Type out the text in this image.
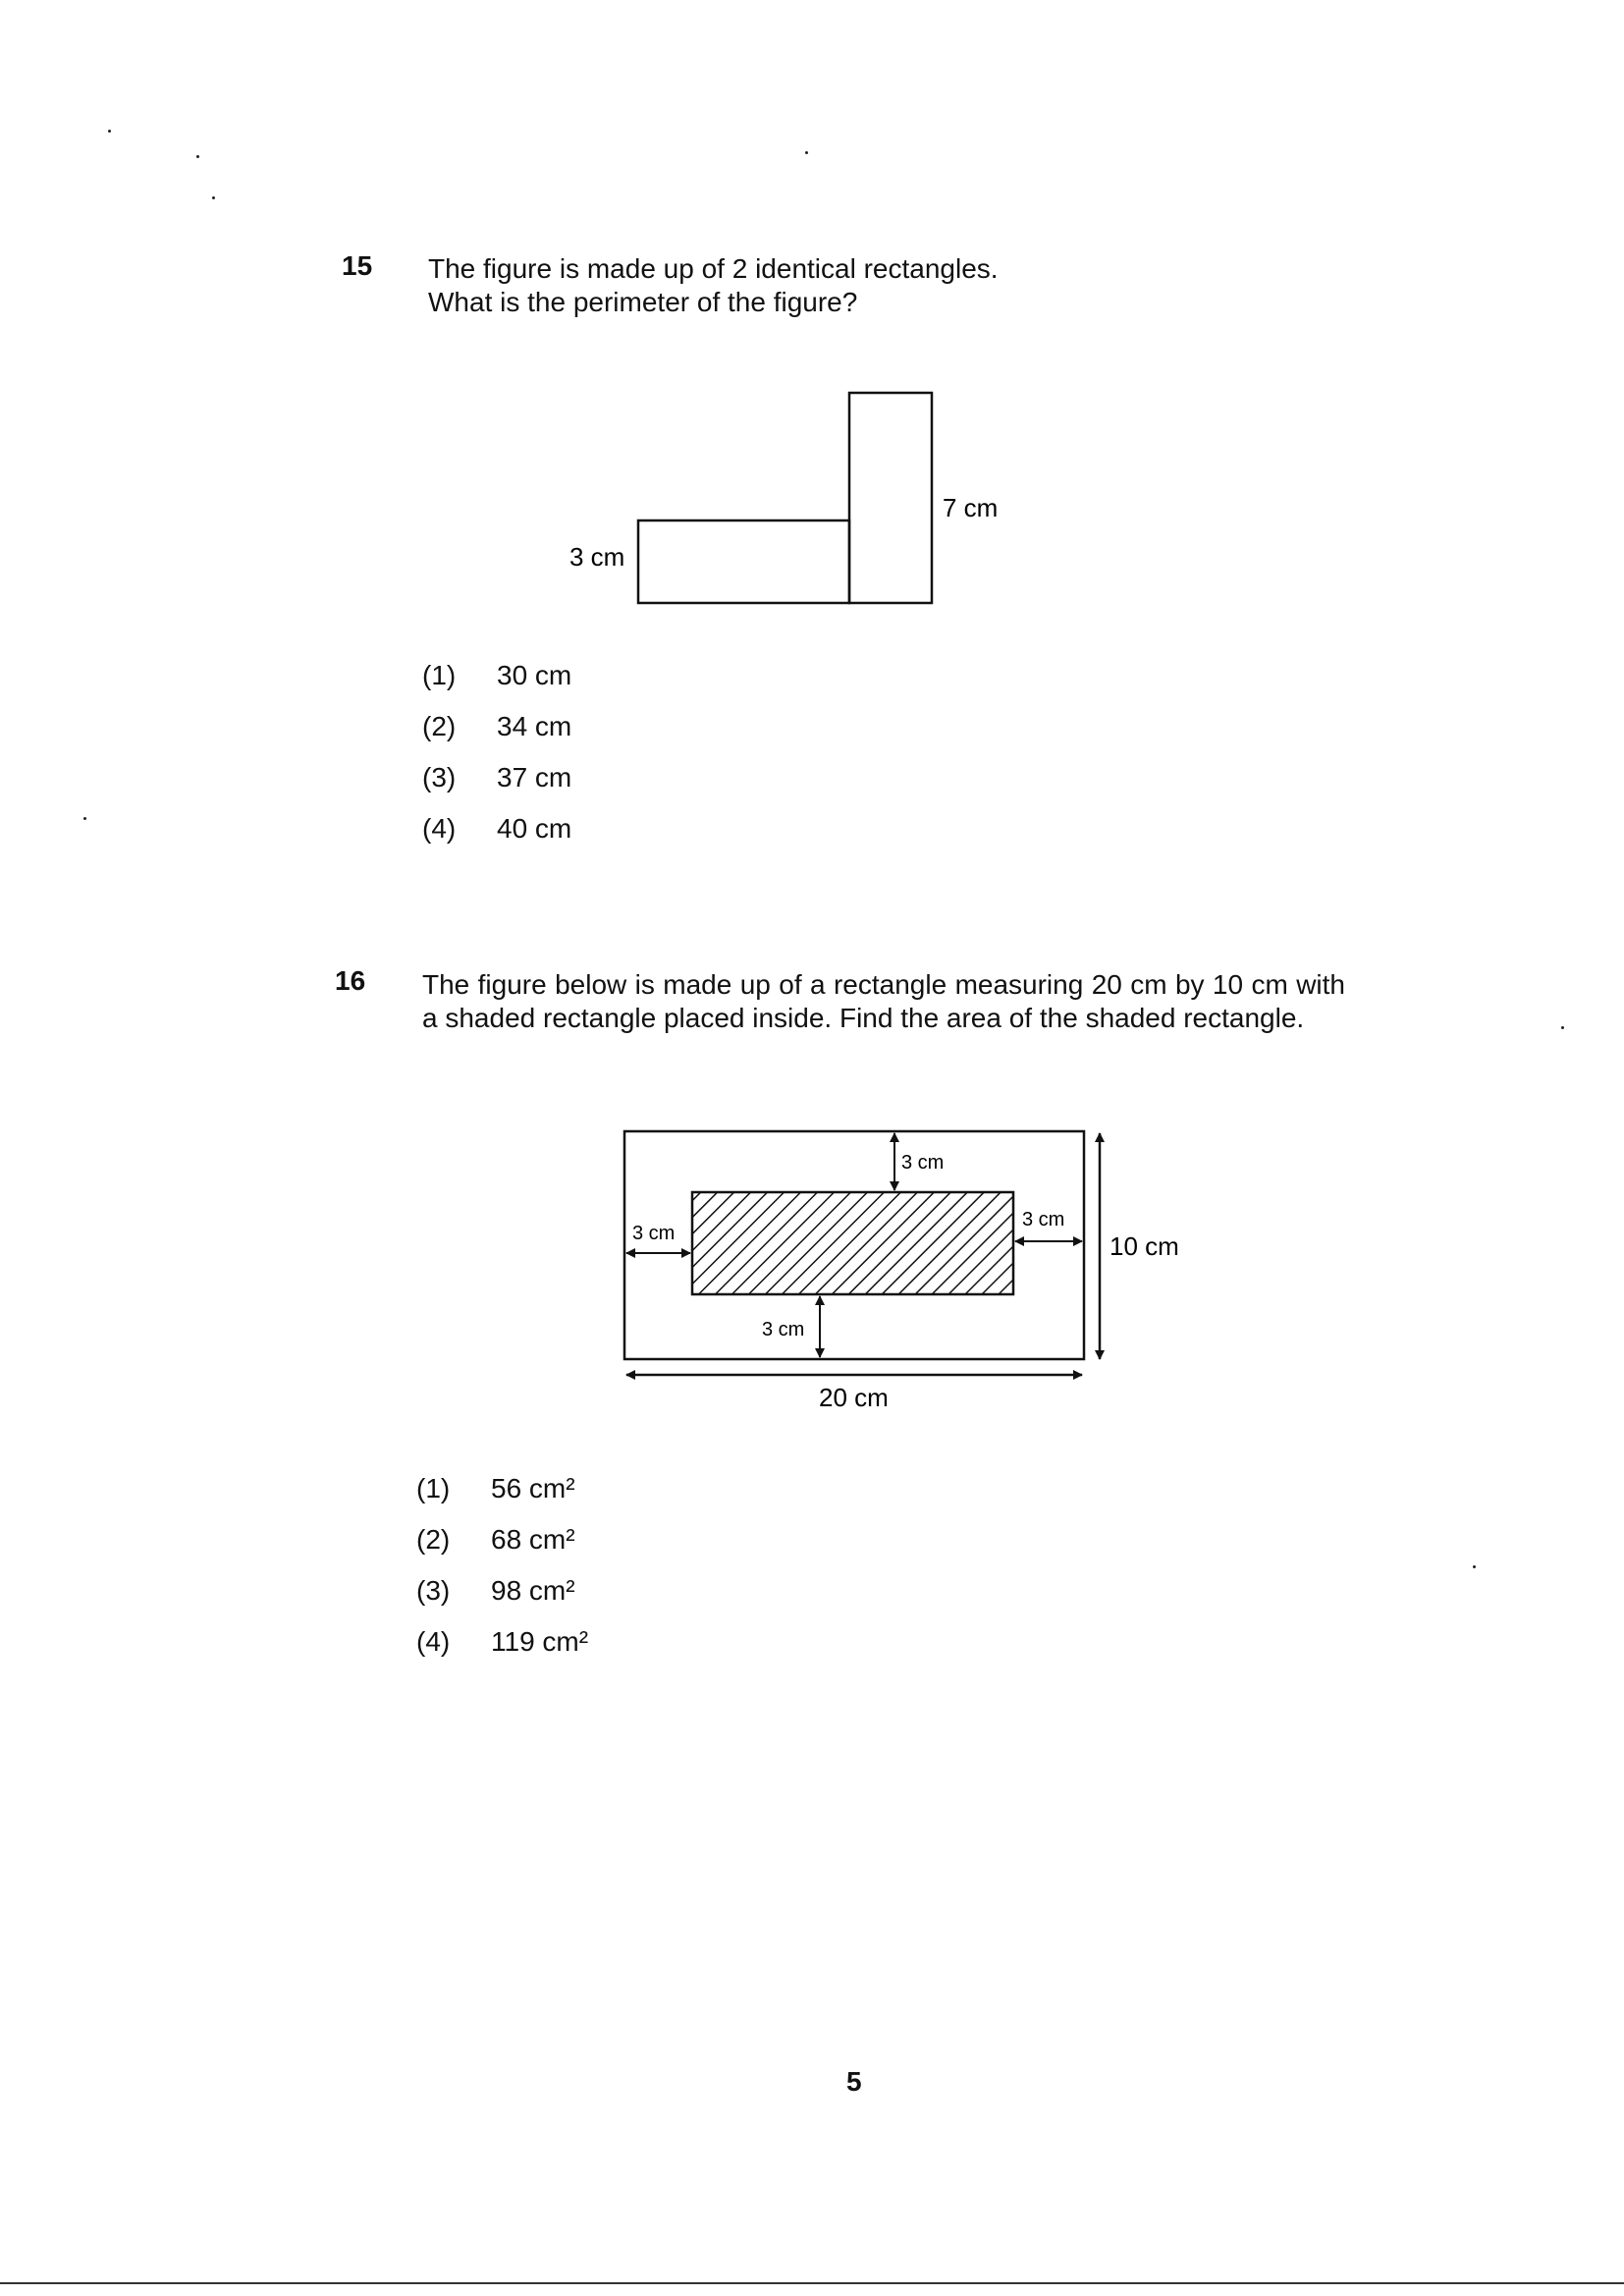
15 The figure is made up of 2 identical rectangles.
What is the perimeter of the figure?
3 cm
7 cm
(1)	30 cm
(2)	34 cm
(3)	37 cm
(4)	40 cm
16 The figure below is made up of a rectangle measuring 20 cm by 10 cm with a shaded rectangle placed inside. Find the area of the shaded rectangle.
3 cm
3 cm
3 cm
3 cm
10 cm
20 cm
(1)	56 cm²
(2)	68 cm²
(3)	98 cm²
(4)	119 cm²
5
